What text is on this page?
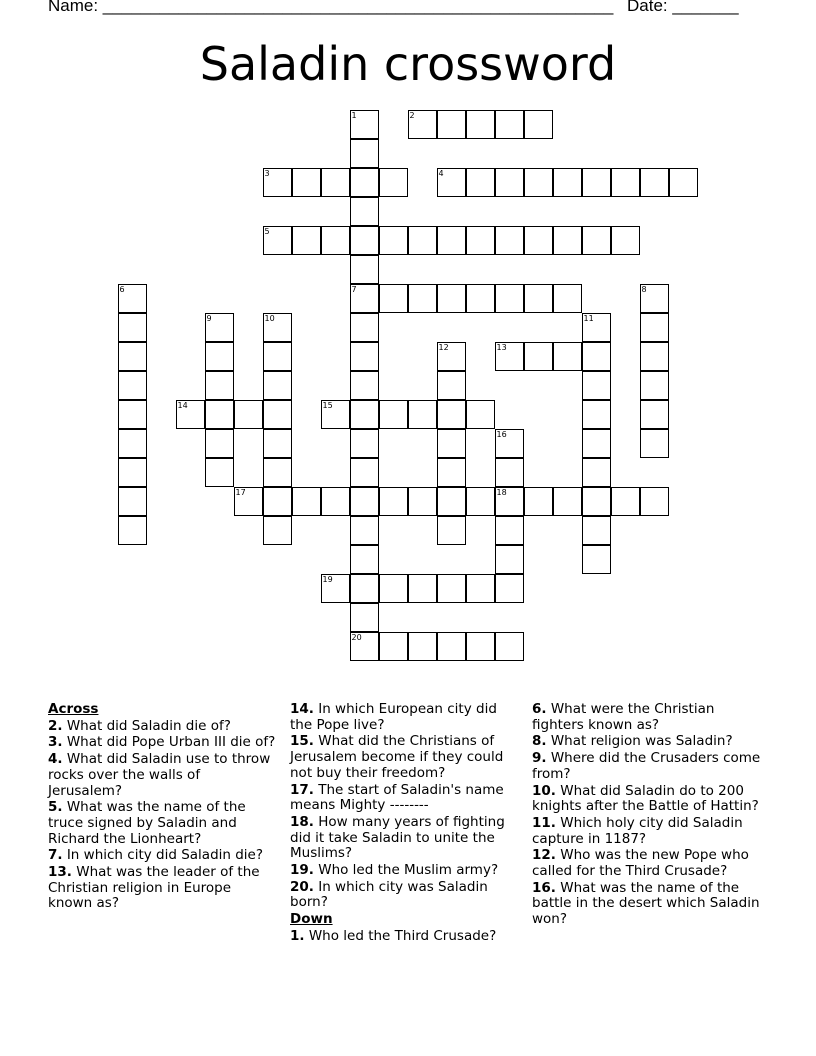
Name: ______________________________________________________ Date: _______
Saladin crossword
1
7
20
2
3	4
5
6	8
9	10	11
12	13
14	15
16
18
17
19
Across
2. What did Saladin die of?
3. What did Pope Urban III die of?
4. What did Saladin use to throw rocks over the walls of Jerusalem?
5. What was the name of the truce signed by Saladin and Richard the Lionheart?
7. In which city did Saladin die?
13. What was the leader of the Christian religion in Europe known as?
14. In which European city did the Pope live?
15. What did the Christians of Jerusalem become if they could not buy their freedom?
17. The start of Saladin's name means Mighty --------
18. How many years of fighting did it take Saladin to unite the Muslims?
19. Who led the Muslim army?
20. In which city was Saladin born?
Down
1. Who led the Third Crusade?
6. What were the Christian fighters known as?
8. What religion was Saladin?
9. Where did the Crusaders come from?
10. What did Saladin do to 200 knights after the Battle of Hattin?
11. Which holy city did Saladin capture in 1187?
12. Who was the new Pope who called for the Third Crusade?
16. What was the name of the battle in the desert which Saladin won?
